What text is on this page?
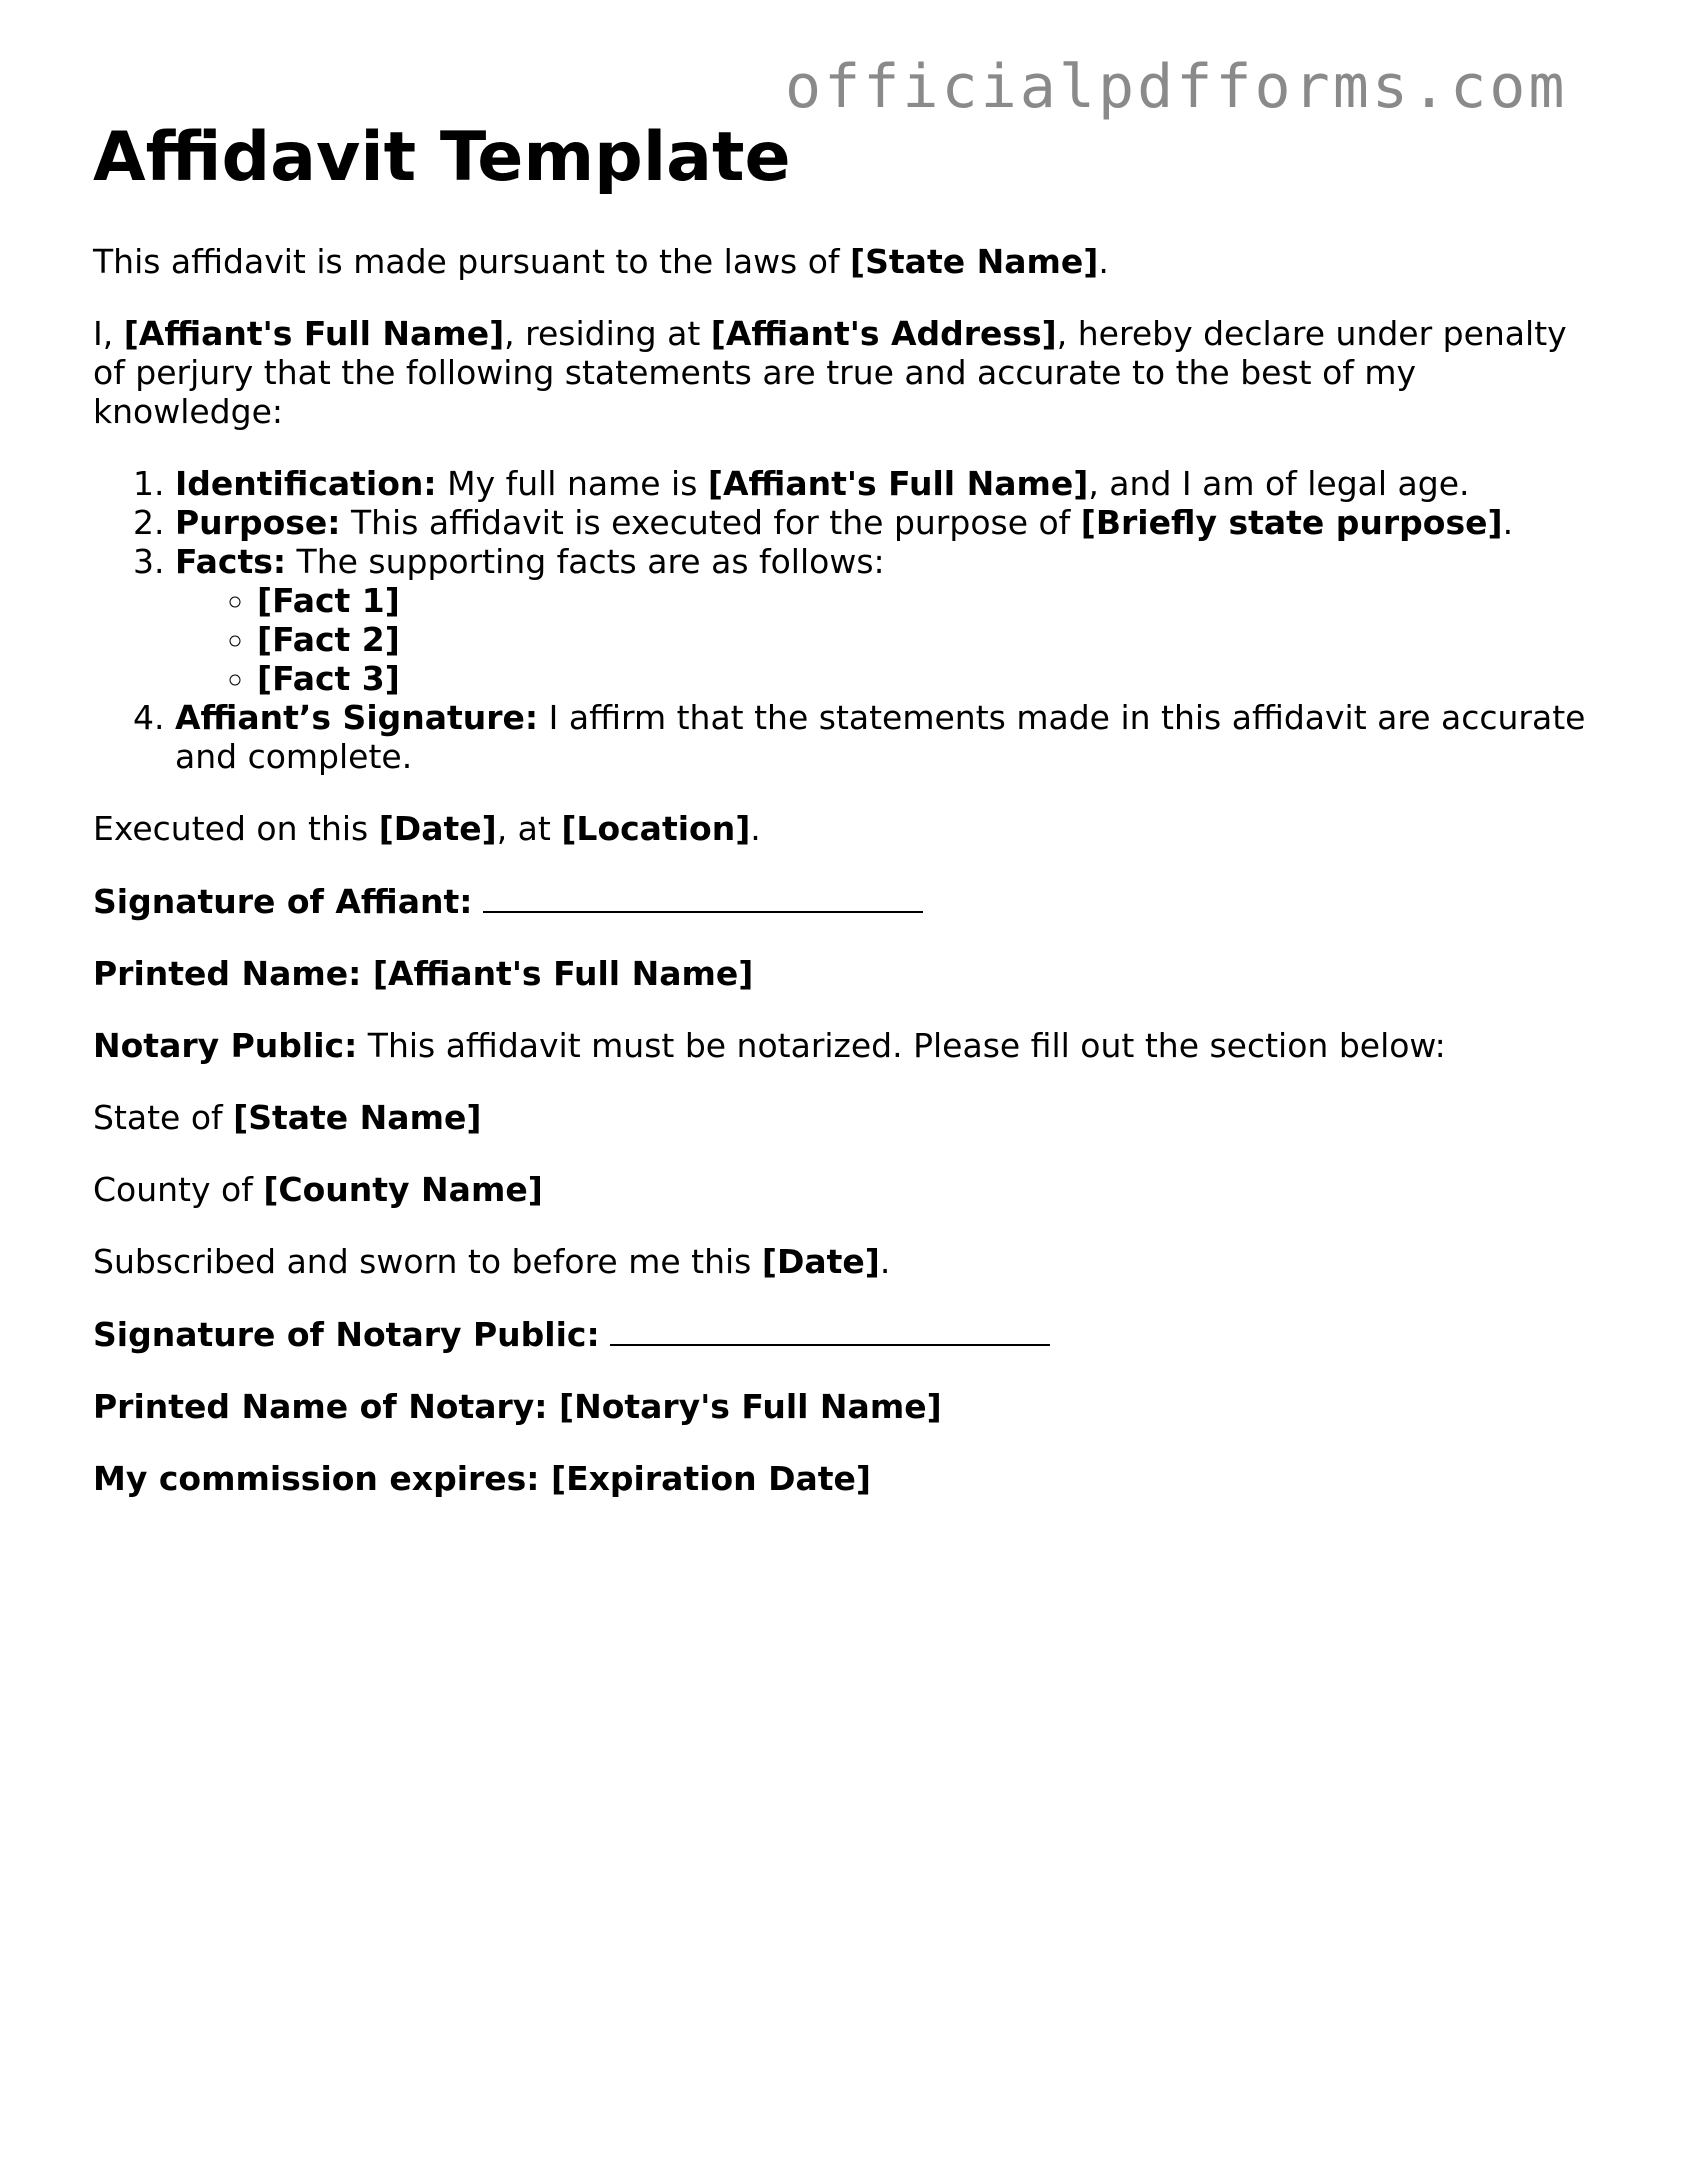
officialpdfforms.com
Affidavit Template

This affidavit is made pursuant to the laws of [State Name].

I, [Affiant's Full Name], residing at [Affiant's Address], hereby declare under penalty of perjury that the following statements are true and accurate to the best of my knowledge:

1. Identification: My full name is [Affiant's Full Name], and I am of legal age.
2. Purpose: This affidavit is executed for the purpose of [Briefly state purpose].
3. Facts: The supporting facts are as follows:
◦ [Fact 1]
◦ [Fact 2]
◦ [Fact 3]
4. Affiant’s Signature: I affirm that the statements made in this affidavit are accurate and complete.

Executed on this [Date], at [Location].

Signature of Affiant:

Printed Name: [Affiant's Full Name]

Notary Public: This affidavit must be notarized. Please fill out the section below:

State of [State Name]

County of [County Name]

Subscribed and sworn to before me this [Date].

Signature of Notary Public:

Printed Name of Notary: [Notary's Full Name]

My commission expires: [Expiration Date]
